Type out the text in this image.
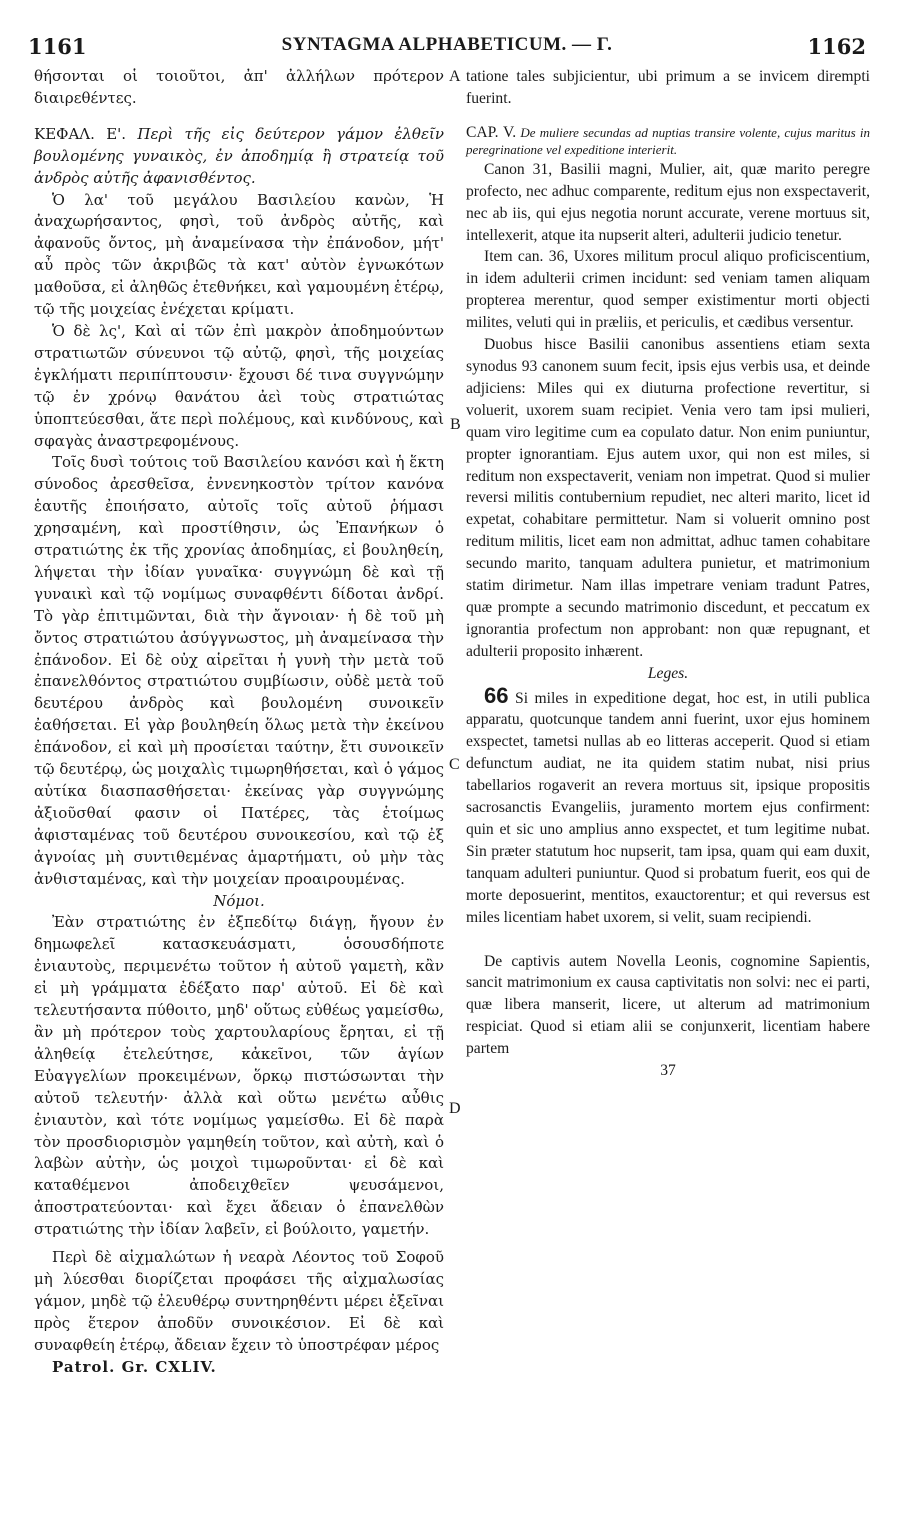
1161	SYNTAGMA ALPHABETICUM. — Γ.	1162

θήσονται οἱ τοιοῦτοι, ἀπ' ἀλλήλων πρότερον διαιρεθέντες.

ΚΕΦΑΛ. Ε'. Περὶ τῆς εἰς δεύτερον γάμον ἐλθεῖν βουλομένης γυναικὸς, ἐν ἀποδημίᾳ ἢ στρατείᾳ τοῦ ἀνδρὸς αὐτῆς ἀφανισθέντος.

Ὁ λα' τοῦ μεγάλου Βασιλείου κανὼν, Ἡ ἀναχωρήσαντος, φησὶ, τοῦ ἀνδρὸς αὐτῆς, καὶ ἀφανοῦς ὄντος, μὴ ἀναμείνασα τὴν ἐπάνοδον, μήτ' αὖ πρὸς τῶν ἀκριβῶς τὰ κατ' αὐτὸν ἐγνωκότων μαθοῦσα, εἰ ἀληθῶς ἐτεθνήκει, καὶ γαμουμένη ἑτέρῳ, τῷ τῆς μοιχείας ἐνέχεται κρίματι.

Ὁ δὲ λς', Καὶ αἱ τῶν ἐπὶ μακρὸν ἀποδημούντων στρατιωτῶν σύνευνοι τῷ αὐτῷ, φησὶ, τῆς μοιχείας ἐγκλήματι περιπίπτουσιν· ἔχουσι δέ τινα συγγνώμην τῷ ἐν χρόνῳ θανάτου ἀεὶ τοὺς στρατιώτας ὑποπτεύεσθαι, ἅτε περὶ πολέμους, καὶ κινδύνους, καὶ σφαγὰς ἀναστρεφομένους.

Τοῖς δυσὶ τούτοις τοῦ Βασιλείου κανόσι καὶ ἡ ἕκτη σύνοδος ἀρεσθεῖσα, ἐννενηκοστὸν τρίτον κανόνα ἑαυτῆς ἐποιήσατο, αὐτοῖς τοῖς αὐτοῦ ῥήμασι χρησαμένη, καὶ προστίθησιν, ὡς Ἐπανήκων ὁ στρατιώτης ἐκ τῆς χρονίας ἀποδημίας, εἰ βουληθείη, λήψεται τὴν ἰδίαν γυναῖκα· συγγνώμη δὲ καὶ τῇ γυναικὶ καὶ τῷ νομίμως συναφθέντι δίδοται ἀνδρί. Τὸ γὰρ ἐπιτιμῶνται, διὰ τὴν ἄγνοιαν· ἡ δὲ τοῦ μὴ ὄντος στρατιώτου ἀσύγγνωστος, μὴ ἀναμείνασα τὴν ἐπάνοδον. Εἰ δὲ οὐχ αἱρεῖται ἡ γυνὴ τὴν μετὰ τοῦ ἐπανελθόντος στρατιώτου συμβίωσιν, οὐδὲ μετὰ τοῦ δευτέρου ἀνδρὸς καὶ βουλομένη συνοικεῖν ἐαθήσεται. Εἰ γὰρ βουληθείη ὅλως μετὰ τὴν ἐκείνου ἐπάνοδον, εἰ καὶ μὴ προσίεται ταύτην, ἔτι συνοικεῖν τῷ δευτέρῳ, ὡς μοιχαλὶς τιμωρηθήσεται, καὶ ὁ γάμος αὐτίκα διασπασθήσεται· ἐκείνας γὰρ συγγνώμης ἀξιοῦσθαί φασιν οἱ Πατέρες, τὰς ἑτοίμως ἀφισταμένας τοῦ δευτέρου συνοικεσίου, καὶ τῷ ἐξ ἀγνοίας μὴ συντιθεμένας ἁμαρτήματι, οὐ μὴν τὰς ἀνθισταμένας, καὶ τὴν μοιχείαν προαιρουμένας.

Νόμοι.

Ἐὰν στρατιώτης ἐν ἐξπεδίτῳ διάγῃ, ἤγουν ἐν δημωφελεῖ κατασκευάσματι, ὁσουσδήποτε ἐνιαυτοὺς, περιμενέτω τοῦτον ἡ αὐτοῦ γαμετὴ, κἂν εἰ μὴ γράμματα ἐδέξατο παρ' αὐτοῦ. Εἰ δὲ καὶ τελευτήσαντα πύθοιτο, μηδ' οὕτως εὐθέως γαμείσθω, ἂν μὴ πρότερον τοὺς χαρτουλαρίους ἔρηται, εἰ τῇ ἀληθείᾳ ἐτελεύτησε, κἀκεῖνοι, τῶν ἁγίων Εὐαγγελίων προκειμένων, ὅρκῳ πιστώσωνται τὴν αὐτοῦ τελευτήν· ἀλλὰ καὶ οὕτω μενέτω αὖθις ἐνιαυτὸν, καὶ τότε νομίμως γαμείσθω. Εἰ δὲ παρὰ τὸν προσδιορισμὸν γαμηθείη τοῦτον, καὶ αὐτὴ, καὶ ὁ λαβὼν αὐτὴν, ὡς μοιχοὶ τιμωροῦνται· εἰ δὲ καὶ καταθέμενοι ἀποδειχθεῖεν ψευσάμενοι, ἀποστρατεύονται· καὶ ἔχει ἄδειαν ὁ ἐπανελθὼν στρατιώτης τὴν ἰδίαν λαβεῖν, εἰ βούλοιτο, γαμετήν.

Περὶ δὲ αἰχμαλώτων ἡ νεαρὰ Λέοντος τοῦ Σοφοῦ μὴ λύεσθαι διορίζεται προφάσει τῆς αἰχμαλωσίας γάμον, μηδὲ τῷ ἐλευθέρῳ συντηρηθέντι μέρει ἐξεῖναι πρὸς ἕτερον ἀποδῦν συνοικέσιον. Εἰ δὲ καὶ συναφθείη ἑτέρῳ, ἄδειαν ἔχειν τὸ ὑποστρέφαν μέρος

Patrol. Gr. CXLIV.

tatione tales subjicientur, ubi primum a se invicem dirempti fuerint.

CAP. V. De muliere secundas ad nuptias transire volente, cujus maritus in peregrinatione vel expeditione interierit.

Canon 31, Basilii magni, Mulier, ait, quæ marito peregre profecto, nec adhuc comparente, reditum ejus non exspectaverit, nec ab iis, qui ejus negotia norunt accurate, verene mortuus sit, intellexerit, atque ita nupserit alteri, adulterii judicio tenetur.

Item can. 36, Uxores militum procul aliquo proficiscentium, in idem adulterii crimen incidunt: sed veniam tamen aliquam propterea merentur, quod semper existimentur morti objecti milites, veluti qui in præliis, et periculis, et cædibus versentur.

Duobus hisce Basilii canonibus assentiens etiam sexta synodus 93 canonem suum fecit, ipsis ejus verbis usa, et deinde adjiciens: Miles qui ex diuturna profectione revertitur, si voluerit, uxorem suam recipiet. Venia vero tam ipsi mulieri, quam viro legitime cum ea copulato datur. Non enim puniuntur, propter ignorantiam. Ejus autem uxor, qui non est miles, si reditum non exspectaverit, veniam non impetrat. Quod si mulier reversi militis contubernium repudiet, nec alteri marito, licet id expetat, cohabitare permittetur. Nam si voluerit omnino post reditum militis, licet eam non admittat, adhuc tamen cohabitare secundo marito, tanquam adultera punietur, et matrimonium statim dirimetur. Nam illas impetrare veniam tradunt Patres, quæ prompte a secundo matrimonio discedunt, et peccatum ex ignorantia profectum non approbant: non quæ repugnant, et adulterii proposito inhærent.

Leges.

66 Si miles in expeditione degat, hoc est, in utili publica apparatu, quotcunque tandem anni fuerint, uxor ejus hominem exspectet, tametsi nullas ab eo litteras acceperit. Quod si etiam defunctum audiat, ne ita quidem statim nubat, nisi prius tabellarios rogaverit an revera mortuus sit, ipsique propositis sacrosanctis Evangeliis, juramento mortem ejus confirment: quin et sic uno amplius anno exspectet, et tum legitime nubat. Sin præter statutum hoc nupserit, tam ipsa, quam qui eam duxit, tanquam adulteri puniuntur. Quod si probatum fuerit, eos qui de morte deposuerint, mentitos, exauctorentur; et qui reversus est miles licentiam habet uxorem, si velit, suam recipiendi.

De captivis autem Novella Leonis, cognomine Sapientis, sancit matrimonium ex causa captivitatis non solvi: nec ei parti, quæ libera manserit, licere, ut alterum ad matrimonium respiciat. Quod si etiam alii se conjunxerit, licentiam habere partem

37

A
B
C
D
